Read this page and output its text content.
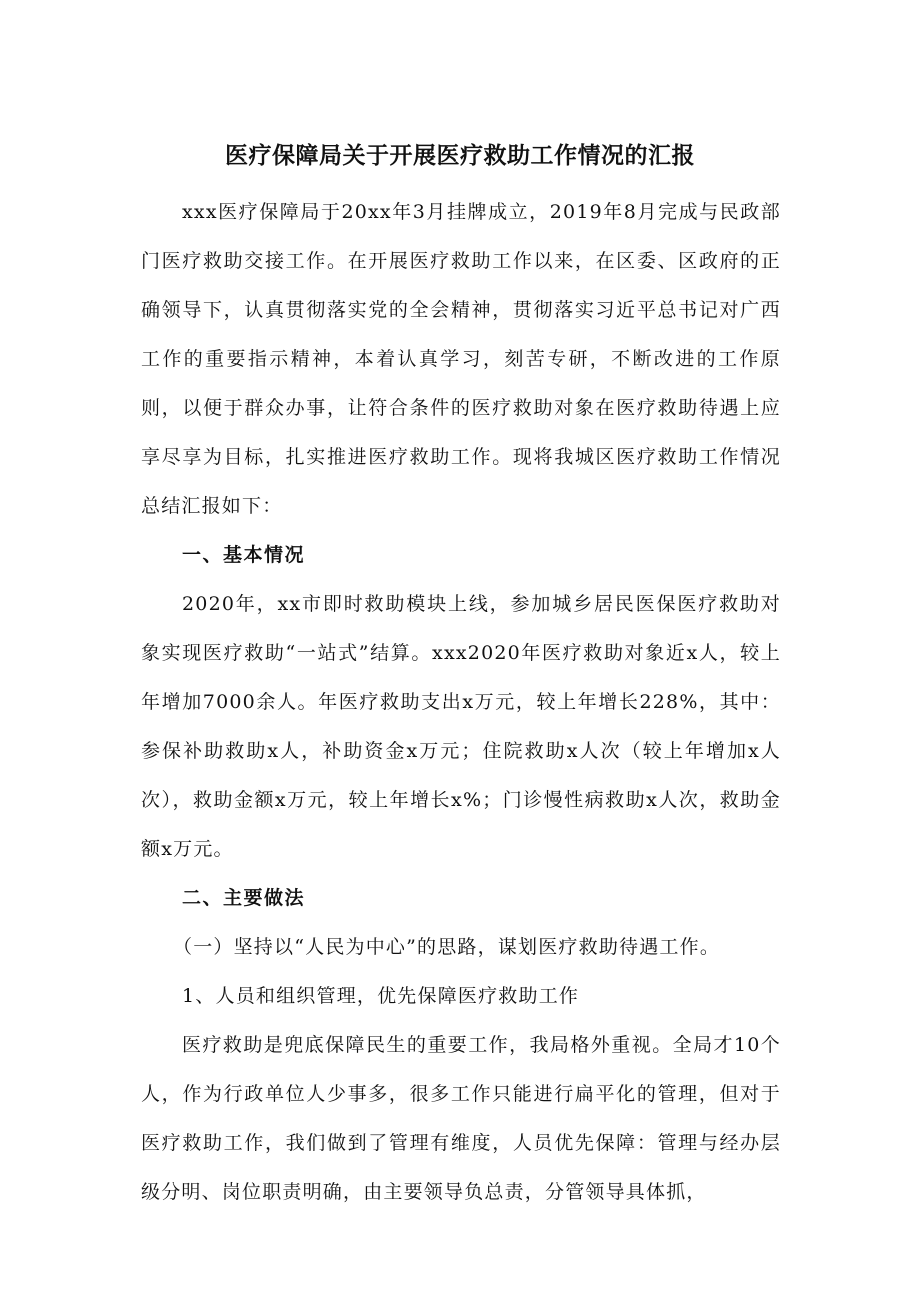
医疗保障局关于开展医疗救助工作情况的汇报

xxx医疗保障局于20xx年3月挂牌成立，2019年8月完成与民政部门医疗救助交接工作。在开展医疗救助工作以来，在区委、区政府的正确领导下，认真贯彻落实党的全会精神，贯彻落实习近平总书记对广西工作的重要指示精神，本着认真学习，刻苦专研，不断改进的工作原则，以便于群众办事，让符合条件的医疗救助对象在医疗救助待遇上应享尽享为目标，扎实推进医疗救助工作。现将我城区医疗救助工作情况总结汇报如下：

一、基本情况

2020年，xx市即时救助模块上线，参加城乡居民医保医疗救助对象实现医疗救助“一站式”结算。xxx2020年医疗救助对象近x人，较上年增加7000余人。年医疗救助支出x万元，较上年增长228%，其中：参保补助救助x人，补助资金x万元；住院救助x人次（较上年增加x人次），救助金额x万元，较上年增长x%；门诊慢性病救助x人次，救助金额x万元。

二、主要做法

（一）坚持以“人民为中心”的思路，谋划医疗救助待遇工作。

1、人员和组织管理，优先保障医疗救助工作

医疗救助是兜底保障民生的重要工作，我局格外重视。全局才10个人，作为行政单位人少事多，很多工作只能进行扁平化的管理，但对于医疗救助工作，我们做到了管理有维度，人员优先保障：管理与经办层级分明、岗位职责明确，由主要领导负总责，分管领导具体抓，
